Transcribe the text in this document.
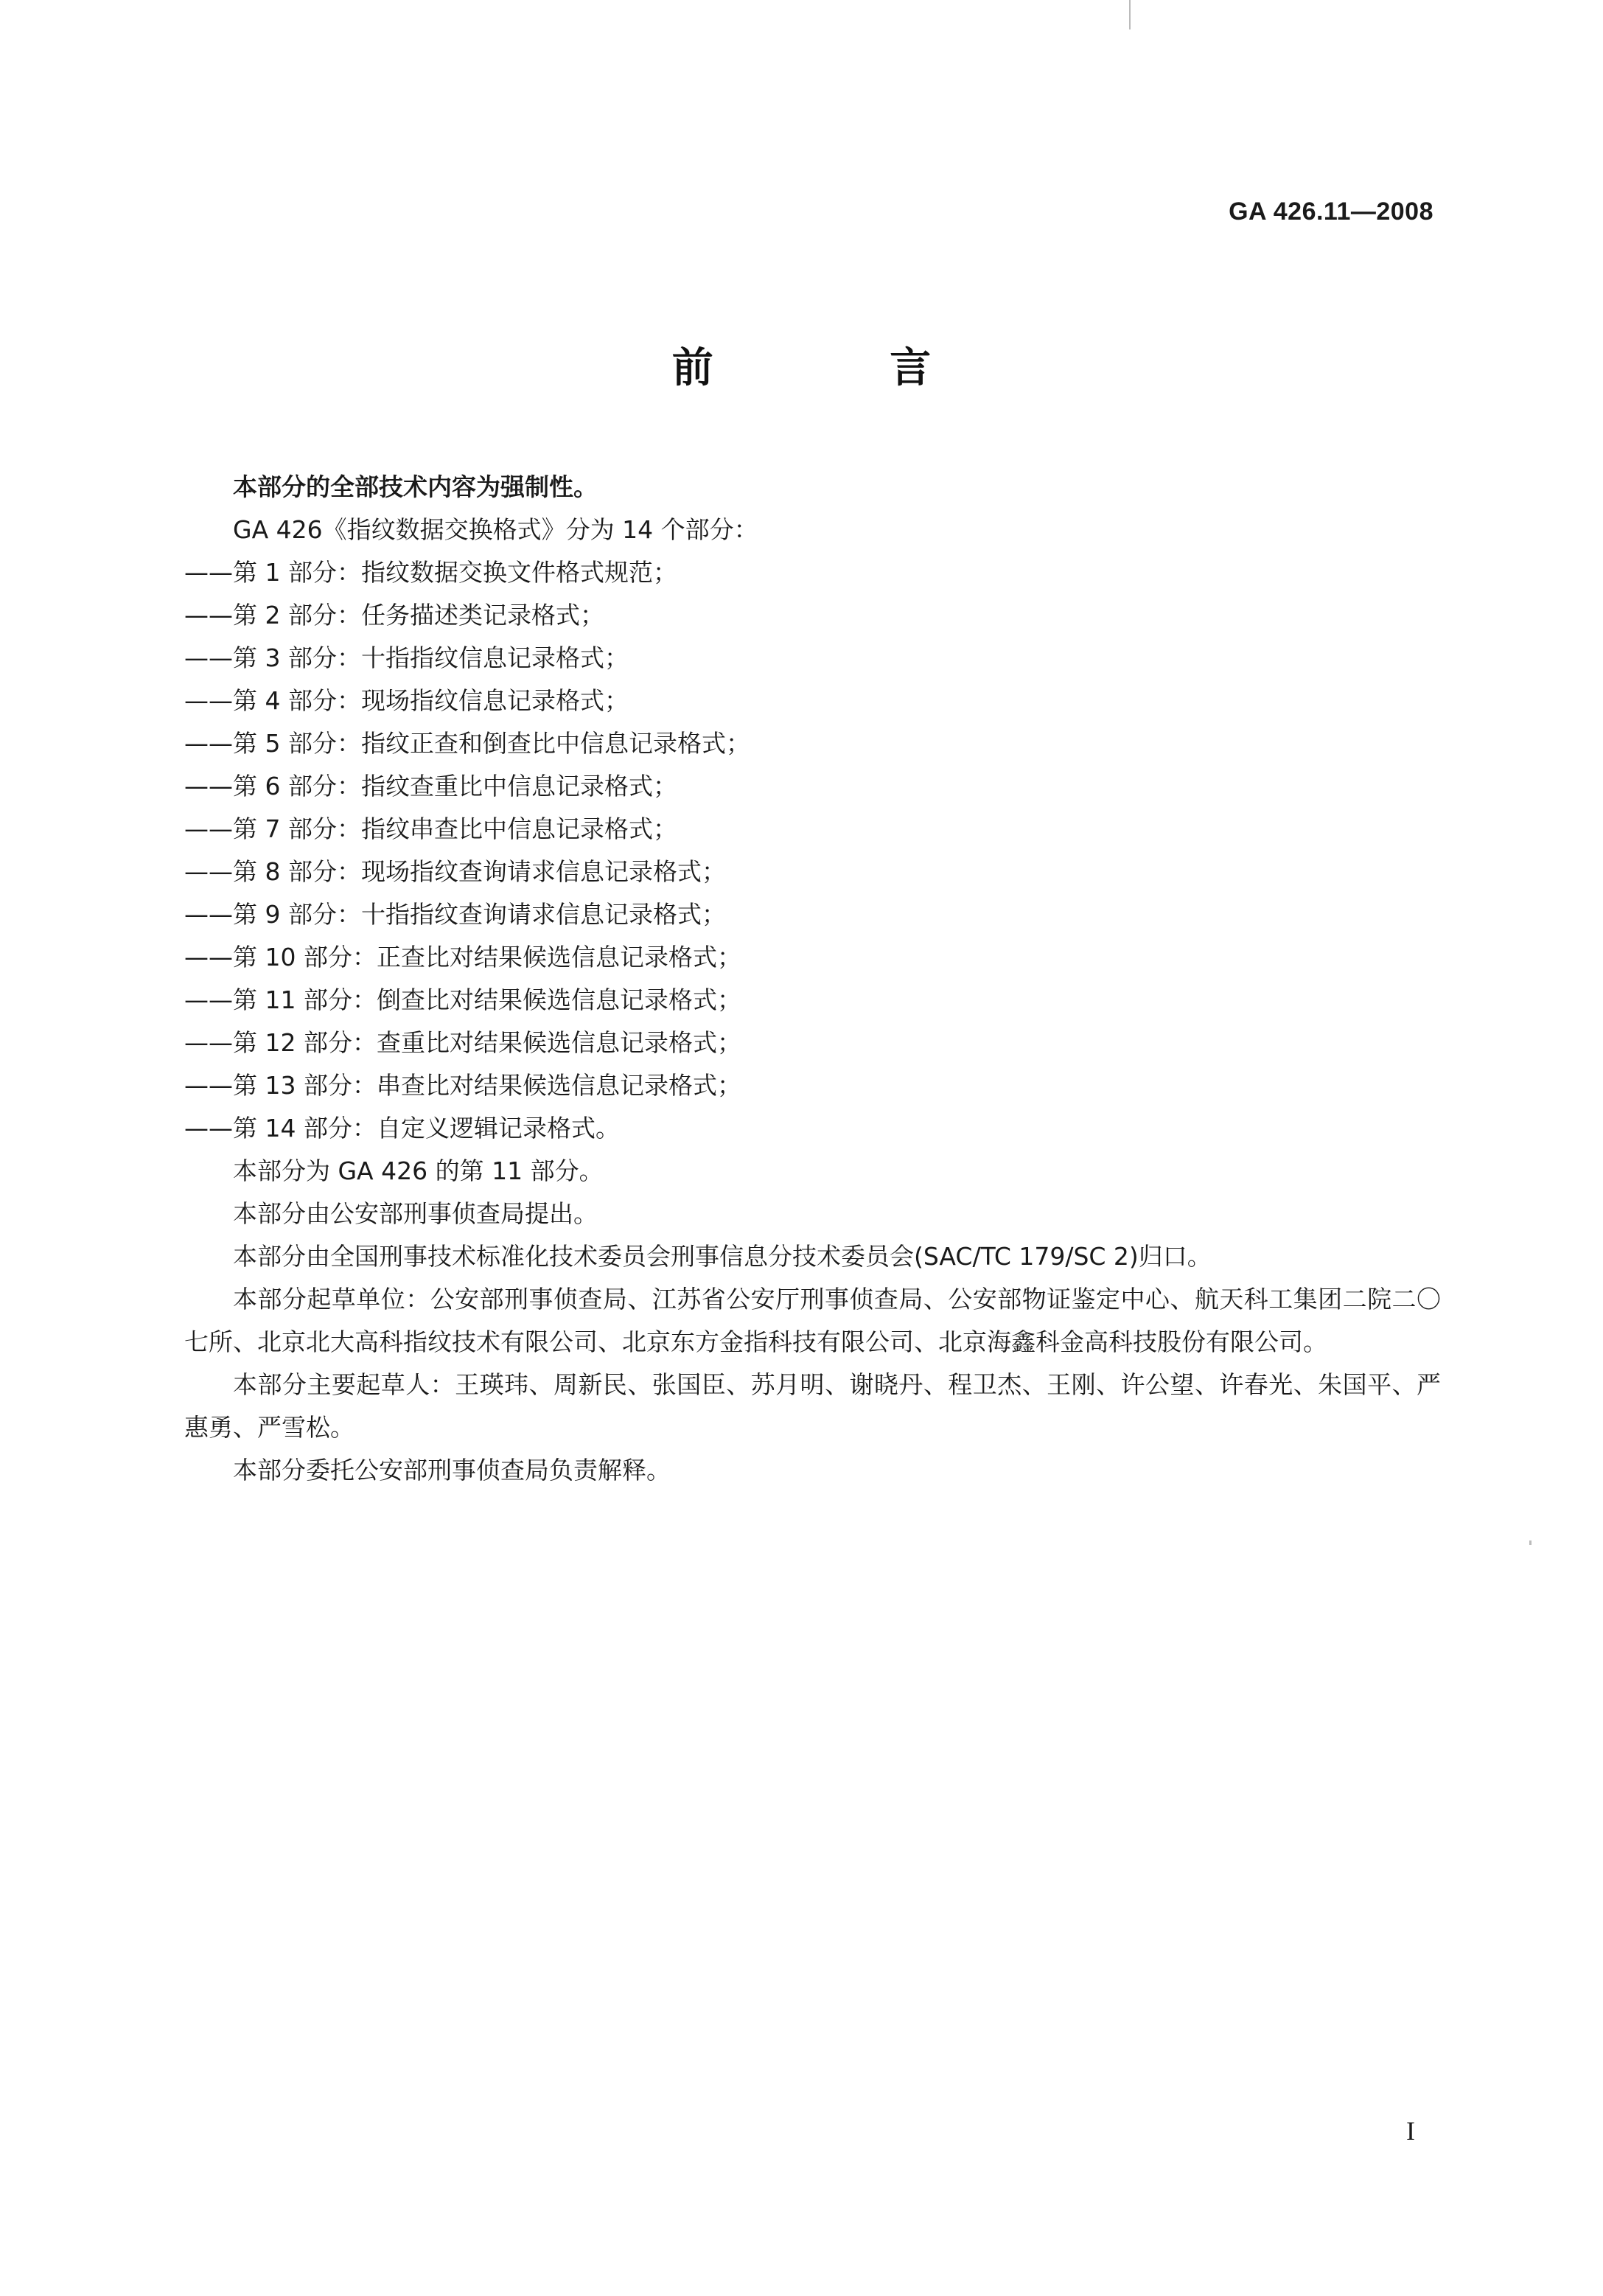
GA 426.11—2008
前 言

本部分的全部技术内容为强制性。

GA 426《指纹数据交换格式》分为 14 个部分：

——第 1 部分：指纹数据交换文件格式规范；

——第 2 部分：任务描述类记录格式；

——第 3 部分：十指指纹信息记录格式；

——第 4 部分：现场指纹信息记录格式；

——第 5 部分：指纹正查和倒查比中信息记录格式；

——第 6 部分：指纹查重比中信息记录格式；

——第 7 部分：指纹串查比中信息记录格式；

——第 8 部分：现场指纹查询请求信息记录格式；

——第 9 部分：十指指纹查询请求信息记录格式；

——第 10 部分：正查比对结果候选信息记录格式；

——第 11 部分：倒查比对结果候选信息记录格式；

——第 12 部分：查重比对结果候选信息记录格式；

——第 13 部分：串查比对结果候选信息记录格式；

——第 14 部分：自定义逻辑记录格式。

本部分为 GA 426 的第 11 部分。

本部分由公安部刑事侦查局提出。

本部分由全国刑事技术标准化技术委员会刑事信息分技术委员会(SAC/TC 179/SC 2)归口。

本部分起草单位：公安部刑事侦查局、江苏省公安厅刑事侦查局、公安部物证鉴定中心、航天科工集团二院二〇七所、北京北大高科指纹技术有限公司、北京东方金指科技有限公司、北京海鑫科金高科技股份有限公司。

本部分主要起草人：王瑛玮、周新民、张国臣、苏月明、谢晓丹、程卫杰、王刚、许公望、许春光、朱国平、严惠勇、严雪松。

本部分委托公安部刑事侦查局负责解释。

I
